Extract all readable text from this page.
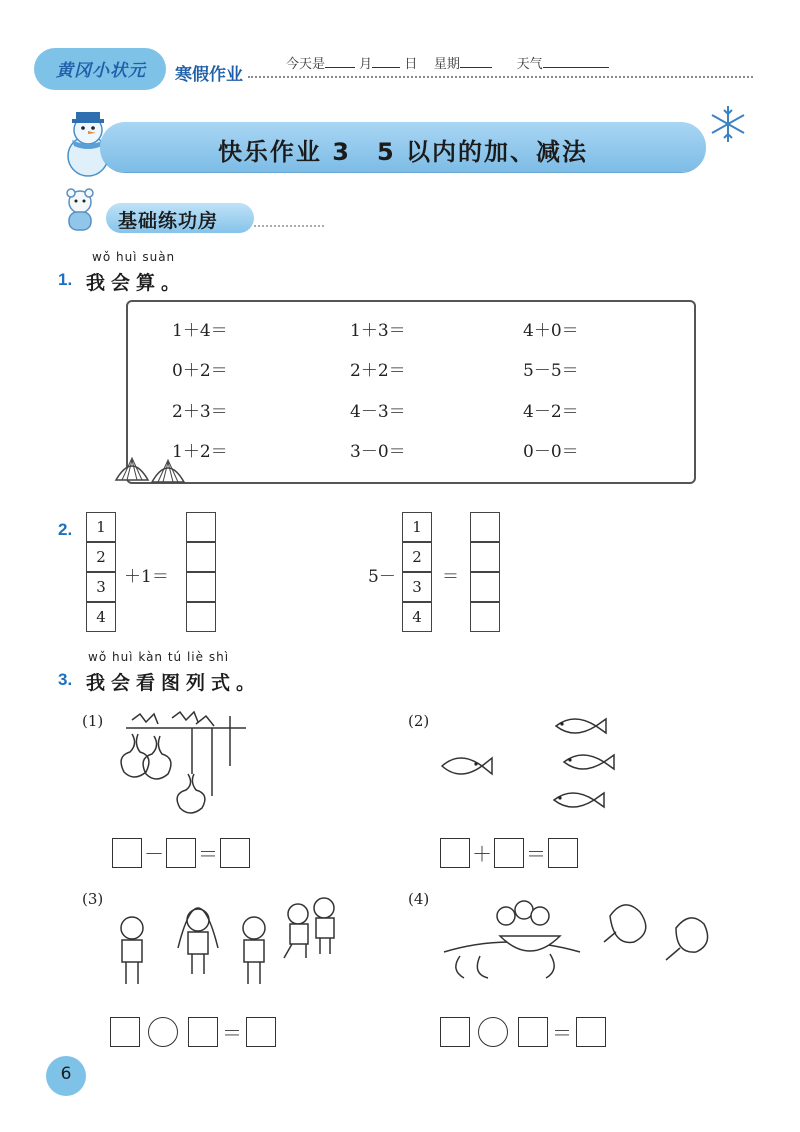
黄冈小状元 寒假作业
今天是	月 日 星期	天气
快乐作业 3　5 以内的加、减法
基础练功房
wǒ huì suàn
1. 我会算。
1＋4＝	1＋3＝	4＋0＝
0＋2＝	2＋2＝	5－5＝
2＋3＝	4－3＝	4－2＝
1＋2＝	3－0＝	0－0＝
2.	1
2
3
4
＋1＝	5－
1
2
3
4
＝
wǒ huì kàn tú liè shì
3. 我会看图列式。
(1)
－ ＝
(2)
＋ ＝
(3)
＝
(4)
＝
6
